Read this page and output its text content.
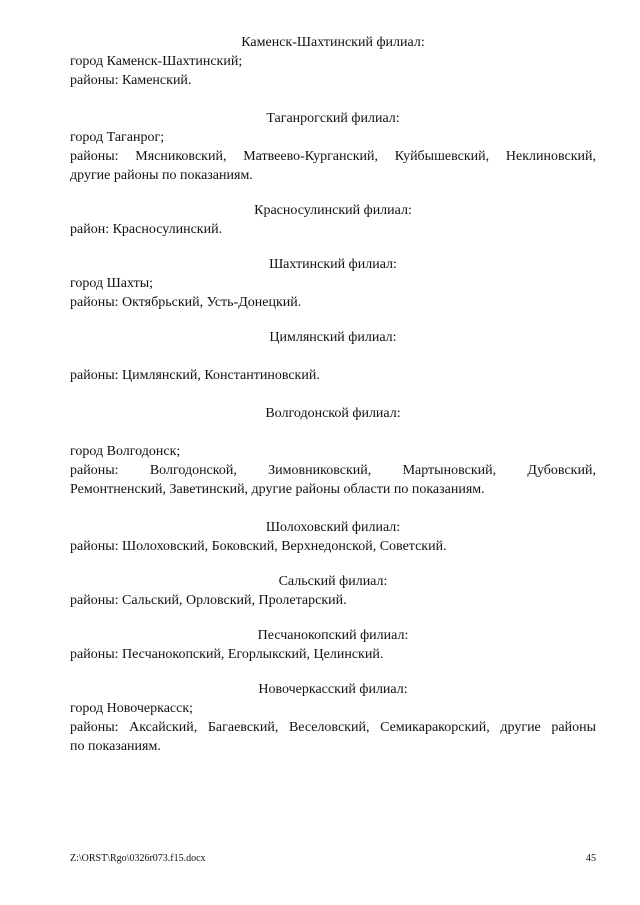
Каменск-Шахтинский филиал:

город Каменск-Шахтинский;

районы: Каменский.

Таганрогский филиал:

город Таганрог;

районы: Мясниковский, Матвеево-Курганский, Куйбышевский, Неклиновский,

другие районы по показаниям.

Красносулинский филиал:

район: Красносулинский.

Шахтинский филиал:

город Шахты;

районы: Октябрьский, Усть-Донецкий.

Цимлянский филиал:

районы: Цимлянский, Константиновский.

Волгодонской филиал:

город Волгодонск;

районы: Волгодонской, Зимовниковский, Мартыновский, Дубовский,

Ремонтненский, Заветинский, другие районы области по показаниям.

Шолоховский филиал:

районы: Шолоховский, Боковский, Верхнедонской, Советский.

Сальский филиал:

районы: Сальский, Орловский, Пролетарский.

Песчанокопский филиал:

районы: Песчанокопский, Егорлыкский, Целинский.

Новочеркасский филиал:

город Новочеркасск;

районы: Аксайский, Багаевский, Веселовский, Семикаракорский, другие районы

по показаниям.

Z:\ORST\Rgo\0326r073.f15.docx	45
